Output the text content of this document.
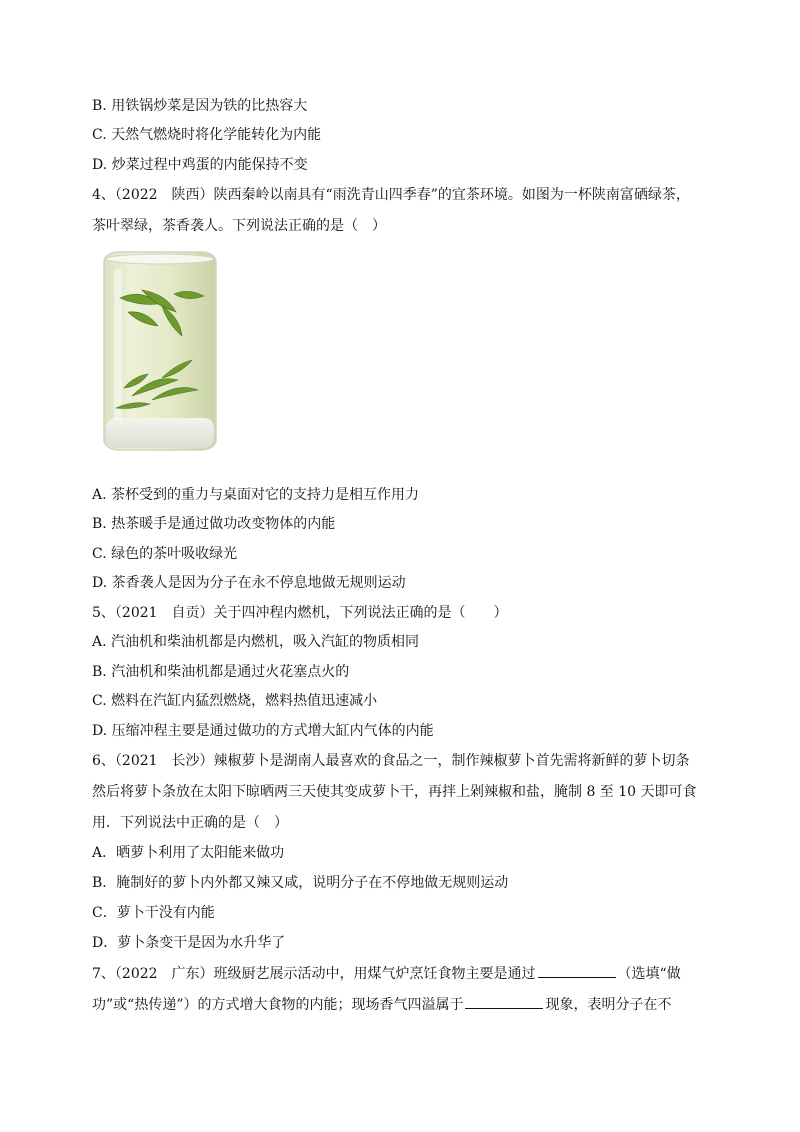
B. 用铁锅炒菜是因为铁的比热容大
C. 天然气燃烧时将化学能转化为内能
D. 炒菜过程中鸡蛋的内能保持不变
4、（2022　陕西）陕西秦岭以南具有“雨洗青山四季春”的宜茶环境。如图为一杯陕南富硒绿茶，
茶叶翠绿，茶香袭人。下列说法正确的是（　）
A. 茶杯受到的重力与桌面对它的支持力是相互作用力
B. 热茶暖手是通过做功改变物体的内能
C. 绿色的茶叶吸收绿光
D. 茶香袭人是因为分子在永不停息地做无规则运动
5、（2021　自贡）关于四冲程内燃机，下列说法正确的是（　　）
A. 汽油机和柴油机都是内燃机，吸入汽缸的物质相同
B. 汽油机和柴油机都是通过火花塞点火的
C. 燃料在汽缸内猛烈燃烧，燃料热值迅速减小
D. 压缩冲程主要是通过做功的方式增大缸内气体的内能
6、（2021　长沙）辣椒萝卜是湖南人最喜欢的食品之一，制作辣椒萝卜首先需将新鲜的萝卜切条
然后将萝卜条放在太阳下晾晒两三天使其变成萝卜干，再拌上剁辣椒和盐，腌制 8 至 10 天即可食
用．下列说法中正确的是（　）
A．晒萝卜利用了太阳能来做功
B．腌制好的萝卜内外都又辣又咸，说明分子在不停地做无规则运动
C．萝卜干没有内能
D．萝卜条变干是因为水升华了
7、（2022　广东）班级厨艺展示活动中，用煤气炉烹饪食物主要是通过	（选填“做
功”或“热传递”）的方式增大食物的内能；现场香气四溢属于	现象，表明分子在不
